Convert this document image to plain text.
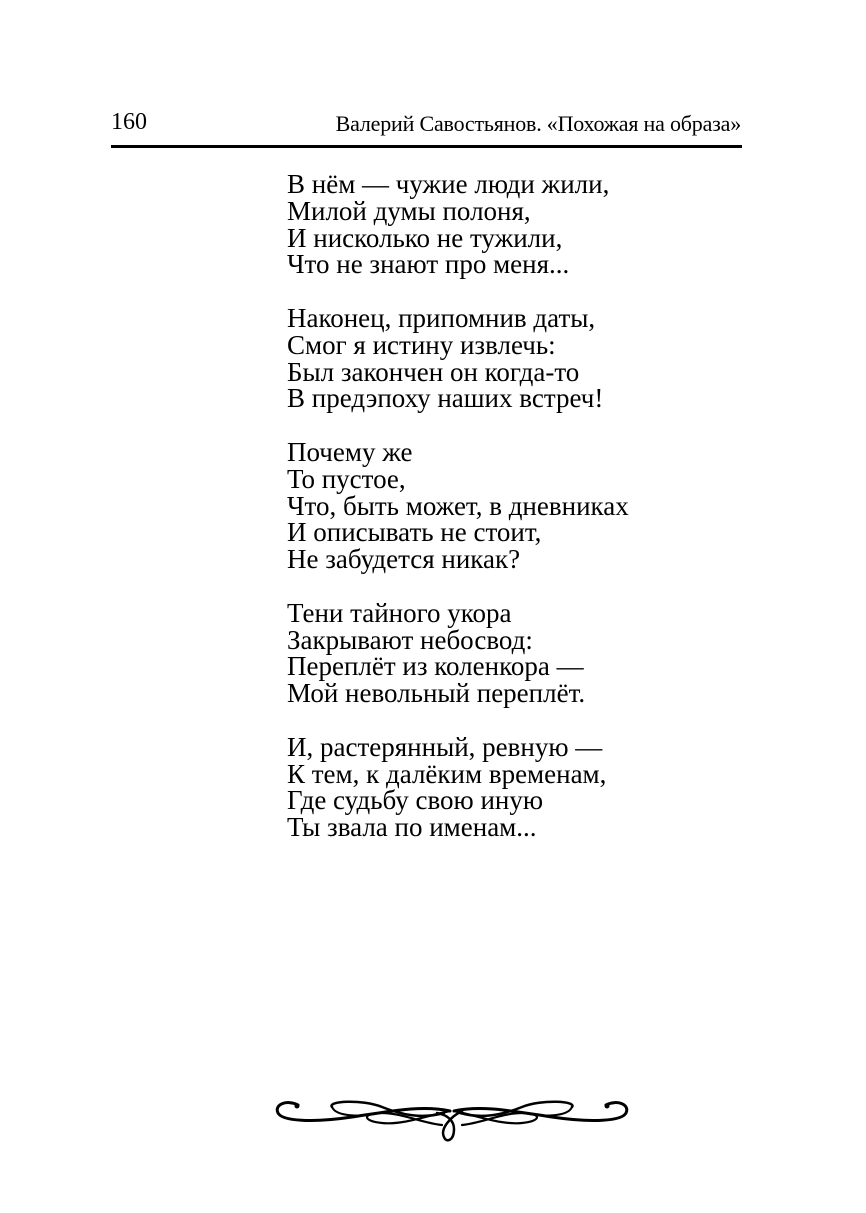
160	Валерий Савостьянов. «Похожая на образа»
В нём — чужие люди жили,
Милой думы полоня,
И нисколько не тужили,
Что не знают про меня...
Наконец, припомнив даты,
Смог я истину извлечь:
Был закончен он когда-то
В предэпоху наших встреч!
Почему же
То пустое,
Что, быть может, в дневниках
И описывать не стоит,
Не забудется никак?
Тени тайного укора
Закрывают небосвод:
Переплёт из коленкора —
Мой невольный переплёт.
И, растерянный, ревную —
К тем, к далёким временам,
Где судьбу свою иную
Ты звала по именам...
